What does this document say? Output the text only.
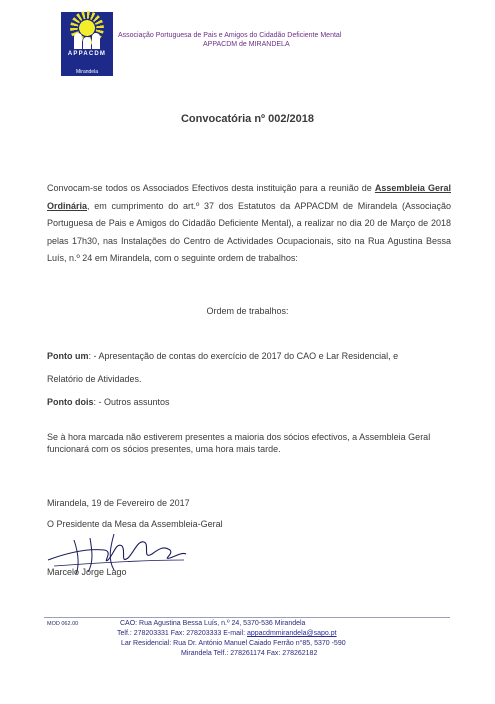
APPACDM
Mirandela
Associação Portuguesa de Pais e Amigos do Cidadão Deficiente Mental
APPACDM de MIRANDELA
Convocatória nº 002/2018
Convocam-se todos os Associados Efectivos desta instituição para a reunião de Assembleia Geral Ordinária, em cumprimento do art.º 37 dos Estatutos da APPACDM de Mirandela (Associação Portuguesa de Pais e Amigos do Cidadão Deficiente Mental), a realizar no dia 20 de Março de 2018 pelas 17h30, nas Instalações do Centro de Actividades Ocupacionais, sito na Rua Agustina Bessa Luís, n.º 24 em Mirandela, com o seguinte ordem de trabalhos:
Ordem de trabalhos:
Ponto um: - Apresentação de contas do exercício de 2017 do CAO e Lar Residencial, e
Relatório de Atividades.
Ponto dois: - Outros assuntos
Se à hora marcada não estiverem presentes a maioria dos sócios efectivos, a Assembleia Geral funcionará com os sócios presentes, uma hora mais tarde.
Mirandela, 19 de Fevereiro de 2017
O Presidente da Mesa da Assembleia-Geral
Marcelo Jorge Lago
MOD 062.00	CAO: Rua Agustina Bessa Luís, n.º 24, 5370-536 Mirandela
Telf.: 278203331 Fax: 278203333 E-mail: appacdmmirandela@sapo.pt
Lar Residencial: Rua Dr. António Manuel Caiado Ferrão n°85, 5370 -590
Mirandela Telf.: 278261174 Fax: 278262182
